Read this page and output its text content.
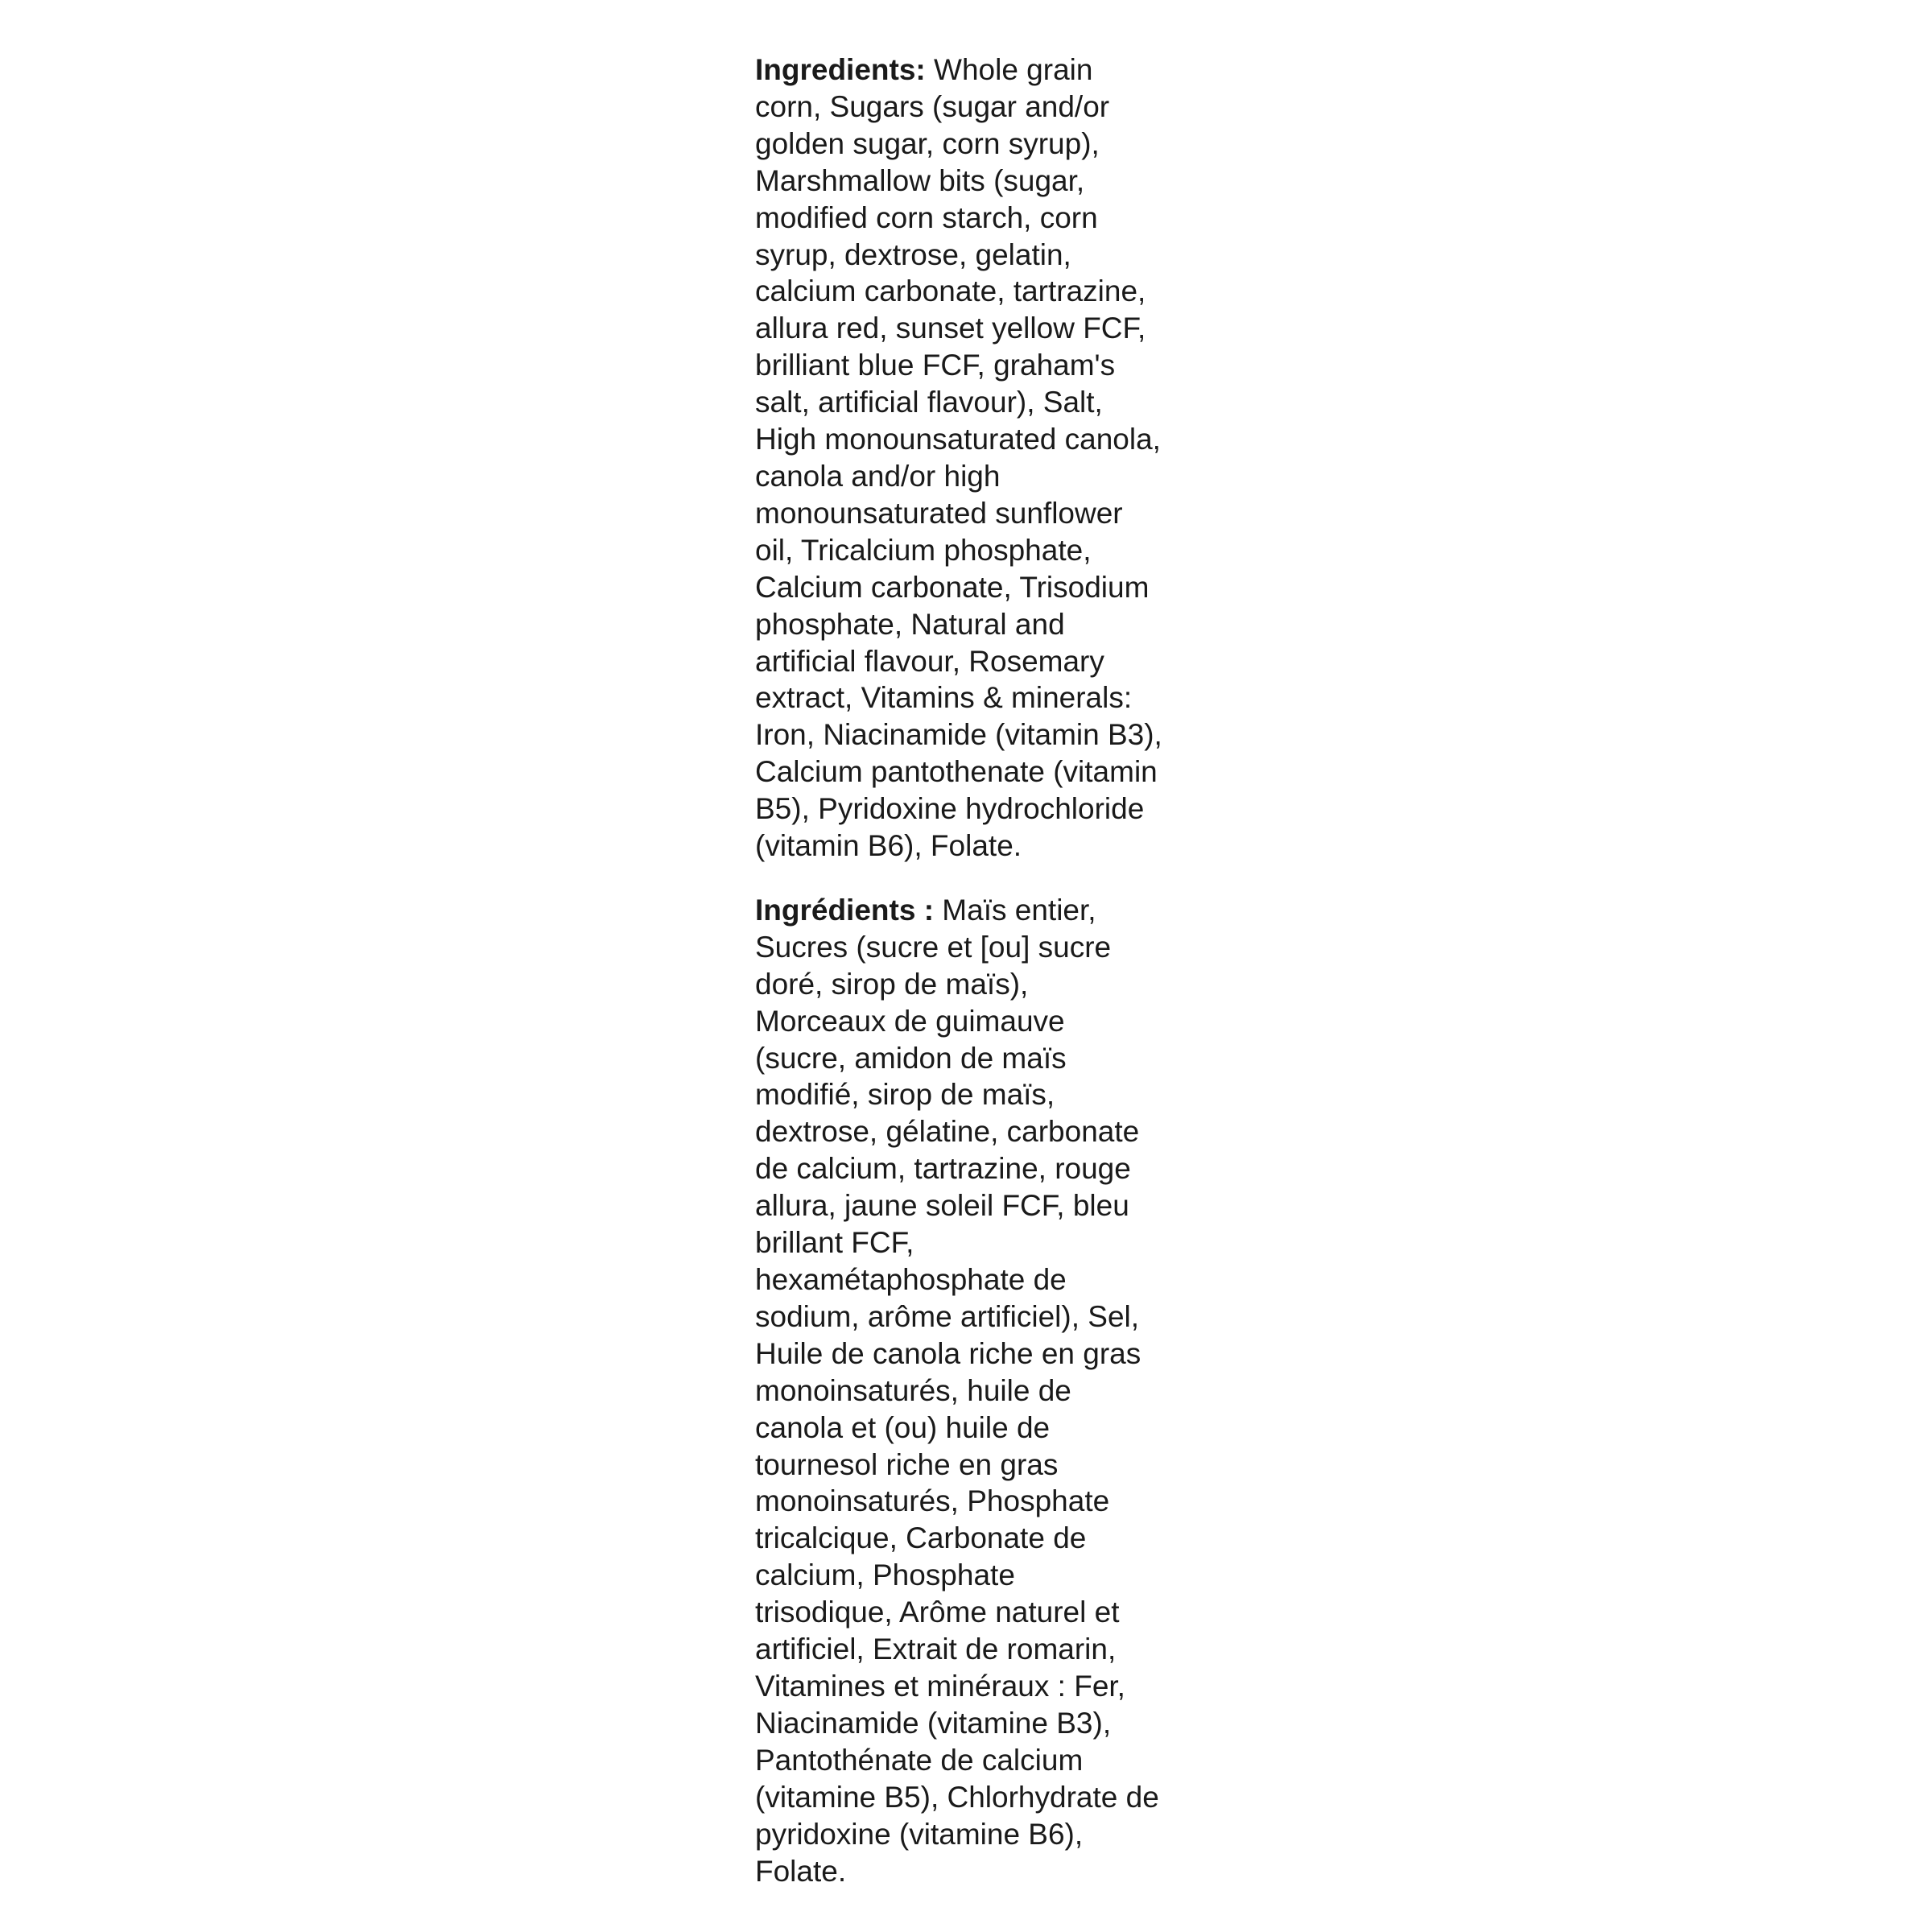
Ingredients: Whole grain
corn, Sugars (sugar and/or
golden sugar, corn syrup),
Marshmallow bits (sugar,
modified corn starch, corn
syrup, dextrose, gelatin,
calcium carbonate, tartrazine,
allura red, sunset yellow FCF,
brilliant blue FCF, graham's
salt, artificial flavour), Salt,
High monounsaturated canola,
canola and/or high
monounsaturated sunflower
oil, Tricalcium phosphate,
Calcium carbonate, Trisodium
phosphate, Natural and
artificial flavour, Rosemary
extract, Vitamins & minerals:
Iron, Niacinamide (vitamin B3),
Calcium pantothenate (vitamin
B5), Pyridoxine hydrochloride
(vitamin B6), Folate.
Ingrédients : Maïs entier,
Sucres (sucre et [ou] sucre
doré, sirop de maïs),
Morceaux de guimauve
(sucre, amidon de maïs
modifié, sirop de maïs,
dextrose, gélatine, carbonate
de calcium, tartrazine, rouge
allura, jaune soleil FCF, bleu
brillant FCF,
hexamétaphosphate de
sodium, arôme artificiel), Sel,
Huile de canola riche en gras
monoinsaturés, huile de
canola et (ou) huile de
tournesol riche en gras
monoinsaturés, Phosphate
tricalcique, Carbonate de
calcium, Phosphate
trisodique, Arôme naturel et
artificiel, Extrait de romarin,
Vitamines et minéraux : Fer,
Niacinamide (vitamine B3),
Pantothénate de calcium
(vitamine B5), Chlorhydrate de
pyridoxine (vitamine B6),
Folate.
